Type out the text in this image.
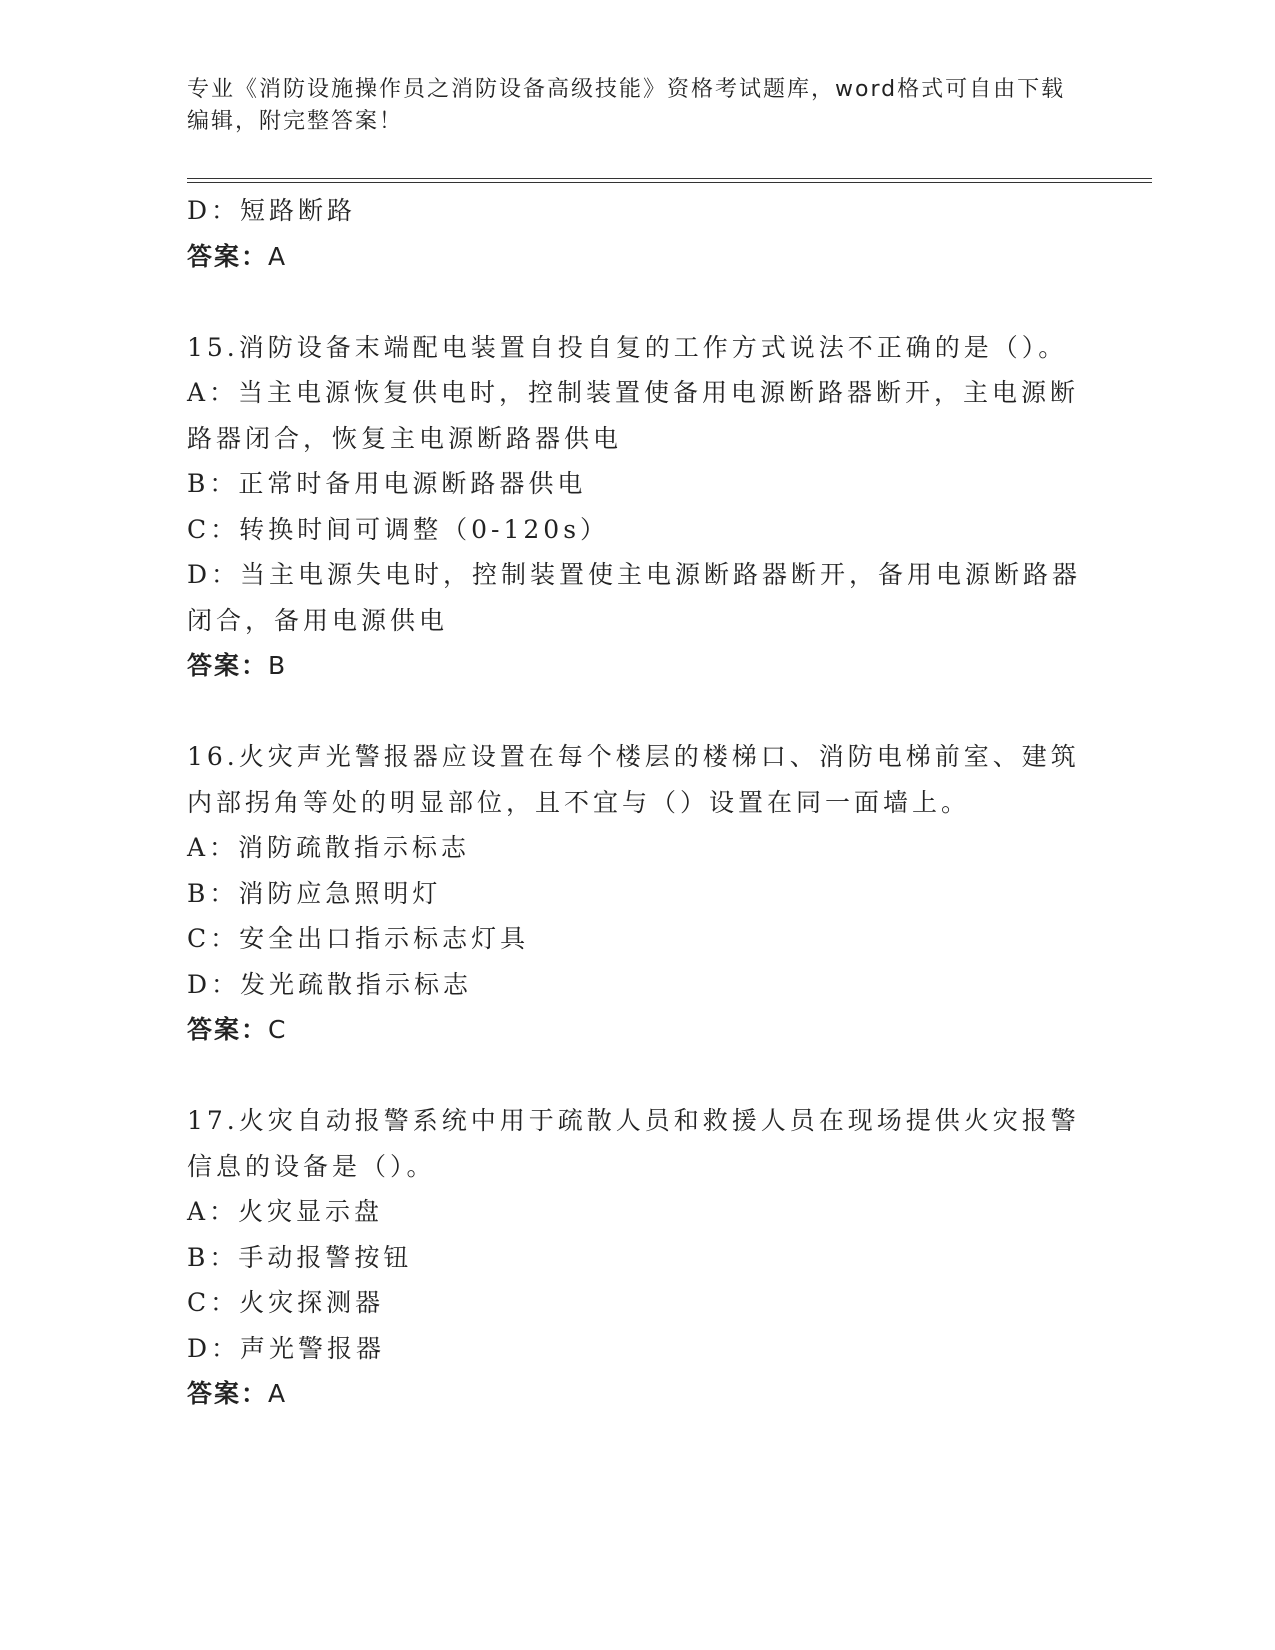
专业《消防设施操作员之消防设备高级技能》资格考试题库，word格式可自由下载编辑，附完整答案！

D：短路断路

答案：A

15.消防设备末端配电装置自投自复的工作方式说法不正确的是（）。

A：当主电源恢复供电时，控制装置使备用电源断路器断开，主电源断路器闭合，恢复主电源断路器供电

B：正常时备用电源断路器供电

C：转换时间可调整（0-120s）

D：当主电源失电时，控制装置使主电源断路器断开，备用电源断路器闭合，备用电源供电

答案：B

16.火灾声光警报器应设置在每个楼层的楼梯口、消防电梯前室、建筑内部拐角等处的明显部位，且不宜与（）设置在同一面墙上。

A：消防疏散指示标志

B：消防应急照明灯

C：安全出口指示标志灯具

D：发光疏散指示标志

答案：C

17.火灾自动报警系统中用于疏散人员和救援人员在现场提供火灾报警信息的设备是（）。

A：火灾显示盘

B：手动报警按钮

C：火灾探测器

D：声光警报器

答案：A
